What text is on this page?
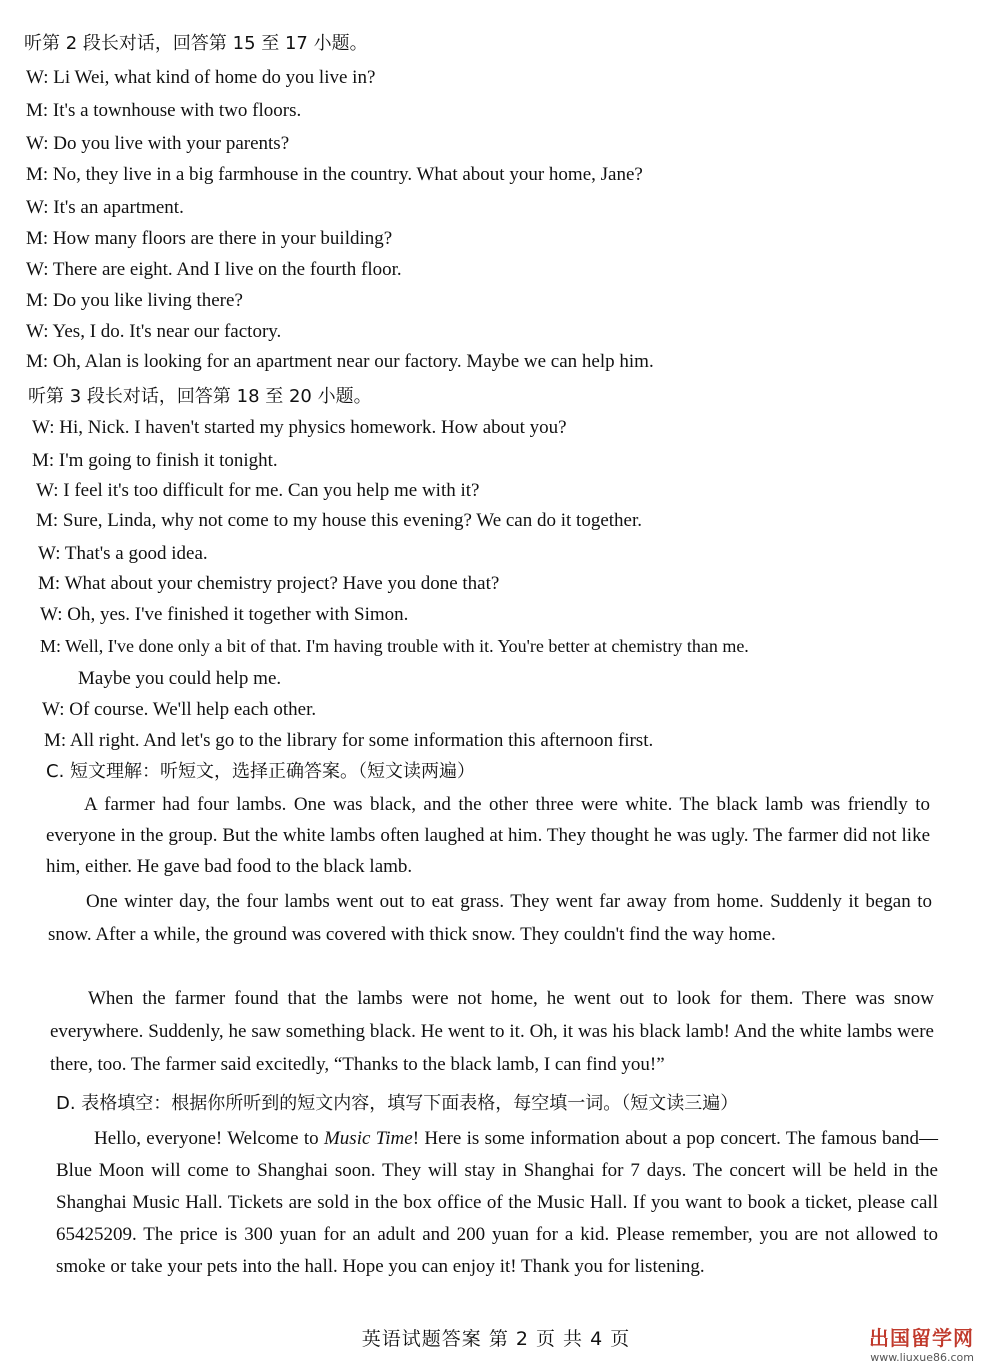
听第 2 段长对话，回答第 15 至 17 小题。
W: Li Wei, what kind of home do you live in?
M: It's a townhouse with two floors.
W: Do you live with your parents?
M: No, they live in a big farmhouse in the country. What about your home, Jane?
W: It's an apartment.
M: How many floors are there in your building?
W: There are eight. And I live on the fourth floor.
M: Do you like living there?
W: Yes, I do. It's near our factory.
M: Oh, Alan is looking for an apartment near our factory. Maybe we can help him.
听第 3 段长对话，回答第 18 至 20 小题。
W: Hi, Nick. I haven't started my physics homework. How about you?
M: I'm going to finish it tonight.
W: I feel it's too difficult for me. Can you help me with it?
M: Sure, Linda, why not come to my house this evening? We can do it together.
W: That's a good idea.
M: What about your chemistry project? Have you done that?
W: Oh, yes. I've finished it together with Simon.
M: Well, I've done only a bit of that. I'm having trouble with it. You're better at chemistry than me.
Maybe you could help me.
W: Of course. We'll help each other.
M: All right. And let's go to the library for some information this afternoon first.
C. 短文理解：听短文，选择正确答案。（短文读两遍）

A farmer had four lambs. One was black, and the other three were white. The black lamb was friendly to everyone in the group. But the white lambs often laughed at him. They thought he was ugly. The farmer did not like him, either. He gave bad food to the black lamb.

One winter day, the four lambs went out to eat grass. They went far away from home. Suddenly it began to snow. After a while, the ground was covered with thick snow. They couldn't find the way home.

When the farmer found that the lambs were not home, he went out to look for them. There was snow everywhere. Suddenly, he saw something black. He went to it. Oh, it was his black lamb! And the white lambs were there, too. The farmer said excitedly, “Thanks to the black lamb, I can find you!”

D. 表格填空：根据你所听到的短文内容，填写下面表格，每空填一词。（短文读三遍）

Hello, everyone! Welcome to Music Time! Here is some information about a pop concert. The famous band—Blue Moon will come to Shanghai soon. They will stay in Shanghai for 7 days. The concert will be held in the Shanghai Music Hall. Tickets are sold in the box office of the Music Hall. If you want to book a ticket, please call 65425209. The price is 300 yuan for an adult and 200 yuan for a kid. Please remember, you are not allowed to smoke or take your pets into the hall. Hope you can enjoy it! Thank you for listening.

英语试题答案 第 2 页 共 4 页	出国留学网
www.liuxue86.com
